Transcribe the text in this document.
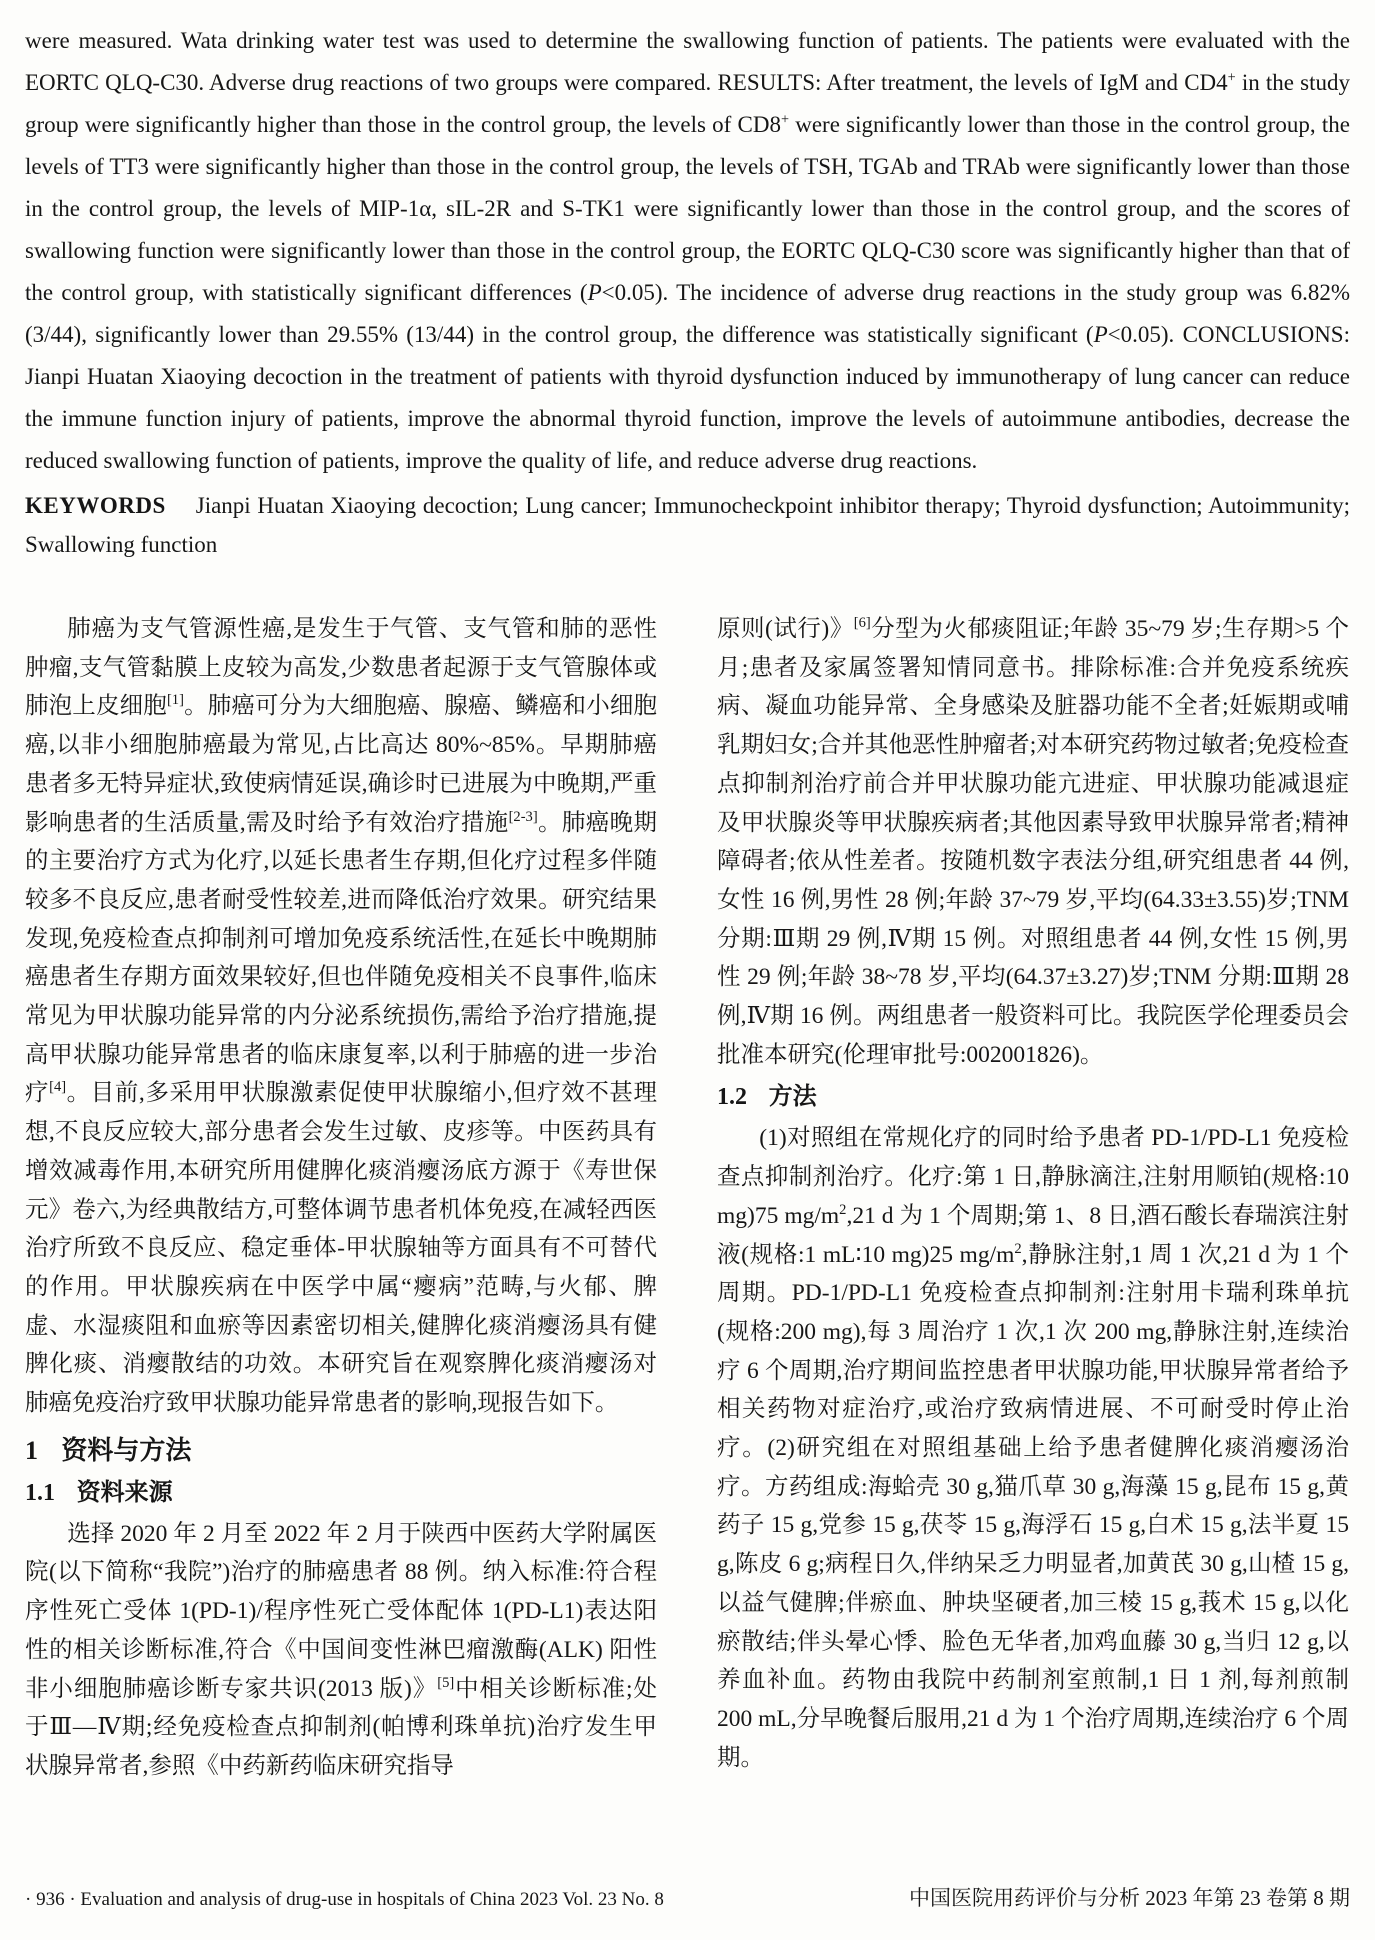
were measured. Wata drinking water test was used to determine the swallowing function of patients. The patients were evaluated with the EORTC QLQ-C30. Adverse drug reactions of two groups were compared. RESULTS: After treatment, the levels of IgM and CD4+ in the study group were significantly higher than those in the control group, the levels of CD8+ were significantly lower than those in the control group, the levels of TT3 were significantly higher than those in the control group, the levels of TSH, TGAb and TRAb were significantly lower than those in the control group, the levels of MIP-1α, sIL-2R and S-TK1 were significantly lower than those in the control group, and the scores of swallowing function were significantly lower than those in the control group, the EORTC QLQ-C30 score was significantly higher than that of the control group, with statistically significant differences (P<0.05). The incidence of adverse drug reactions in the study group was 6.82% (3/44), significantly lower than 29.55% (13/44) in the control group, the difference was statistically significant (P<0.05). CONCLUSIONS: Jianpi Huatan Xiaoying decoction in the treatment of patients with thyroid dysfunction induced by immunotherapy of lung cancer can reduce the immune function injury of patients, improve the abnormal thyroid function, improve the levels of autoimmune antibodies, decrease the reduced swallowing function of patients, improve the quality of life, and reduce adverse drug reactions.
KEYWORDS Jianpi Huatan Xiaoying decoction; Lung cancer; Immunocheckpoint inhibitor therapy; Thyroid dysfunction; Autoimmunity; Swallowing function

肺癌为支气管源性癌,是发生于气管、支气管和肺的恶性肿瘤,支气管黏膜上皮较为高发,少数患者起源于支气管腺体或肺泡上皮细胞[1]。肺癌可分为大细胞癌、腺癌、鳞癌和小细胞癌,以非小细胞肺癌最为常见,占比高达 80%~85%。早期肺癌患者多无特异症状,致使病情延误,确诊时已进展为中晚期,严重影响患者的生活质量,需及时给予有效治疗措施[2-3]。肺癌晚期的主要治疗方式为化疗,以延长患者生存期,但化疗过程多伴随较多不良反应,患者耐受性较差,进而降低治疗效果。研究结果发现,免疫检查点抑制剂可增加免疫系统活性,在延长中晚期肺癌患者生存期方面效果较好,但也伴随免疫相关不良事件,临床常见为甲状腺功能异常的内分泌系统损伤,需给予治疗措施,提高甲状腺功能异常患者的临床康复率,以利于肺癌的进一步治疗[4]。目前,多采用甲状腺激素促使甲状腺缩小,但疗效不甚理想,不良反应较大,部分患者会发生过敏、皮疹等。中医药具有增效减毒作用,本研究所用健脾化痰消瘿汤底方源于《寿世保元》卷六,为经典散结方,可整体调节患者机体免疫,在减轻西医治疗所致不良反应、稳定垂体-甲状腺轴等方面具有不可替代的作用。甲状腺疾病在中医学中属“瘿病”范畴,与火郁、脾虚、水湿痰阻和血瘀等因素密切相关,健脾化痰消瘿汤具有健脾化痰、消瘿散结的功效。本研究旨在观察脾化痰消瘿汤对肺癌免疫治疗致甲状腺功能异常患者的影响,现报告如下。

1 资料与方法
1.1 资料来源

选择 2020 年 2 月至 2022 年 2 月于陕西中医药大学附属医院(以下简称“我院”)治疗的肺癌患者 88 例。纳入标准:符合程序性死亡受体 1(PD-1)/程序性死亡受体配体 1(PD-L1)表达阳性的相关诊断标准,符合《中国间变性淋巴瘤激酶(ALK) 阳性非小细胞肺癌诊断专家共识(2013 版)》[5]中相关诊断标准;处于Ⅲ—Ⅳ期;经免疫检查点抑制剂(帕博利珠单抗)治疗发生甲状腺异常者,参照《中药新药临床研究指导

原则(试行)》[6]分型为火郁痰阻证;年龄 35~79 岁;生存期>5 个月;患者及家属签署知情同意书。排除标准:合并免疫系统疾病、凝血功能异常、全身感染及脏器功能不全者;妊娠期或哺乳期妇女;合并其他恶性肿瘤者;对本研究药物过敏者;免疫检查点抑制剂治疗前合并甲状腺功能亢进症、甲状腺功能减退症及甲状腺炎等甲状腺疾病者;其他因素导致甲状腺异常者;精神障碍者;依从性差者。按随机数字表法分组,研究组患者 44 例,女性 16 例,男性 28 例;年龄 37~79 岁,平均(64.33±3.55)岁;TNM 分期:Ⅲ期 29 例,Ⅳ期 15 例。对照组患者 44 例,女性 15 例,男性 29 例;年龄 38~78 岁,平均(64.37±3.27)岁;TNM 分期:Ⅲ期 28 例,Ⅳ期 16 例。两组患者一般资料可比。我院医学伦理委员会批准本研究(伦理审批号:002001826)。

1.2 方法

(1)对照组在常规化疗的同时给予患者 PD-1/PD-L1 免疫检查点抑制剂治疗。化疗:第 1 日,静脉滴注,注射用顺铂(规格:10 mg)75 $mg/m^2,21$ d 为 1 个周期;第 1、8 日,酒石酸长春瑞滨注射液(规格:1 mL∶10 mg)25 $mg/m^2$,静脉注射,1 周 1 次,21 d 为 1 个周期。PD-1/PD-L1 免疫检查点抑制剂:注射用卡瑞利珠单抗(规格:200 mg),每 3 周治疗 1 次,1 次 200 mg,静脉注射,连续治疗 6 个周期,治疗期间监控患者甲状腺功能,甲状腺异常者给予相关药物对症治疗,或治疗致病情进展、不可耐受时停止治疗。(2)研究组在对照组基础上给予患者健脾化痰消瘿汤治疗。方药组成:海蛤壳 30 g,猫爪草 30 g,海藻 15 g,昆布 15 g,黄药子 15 g,党参 15 g,茯苓 15 g,海浮石 15 g,白术 15 g,法半夏 15 g,陈皮 6 g;病程日久,伴纳呆乏力明显者,加黄芪 30 g,山楂 15 g,以益气健脾;伴瘀血、肿块坚硬者,加三棱 15 g,莪术 15 g,以化瘀散结;伴头晕心悸、脸色无华者,加鸡血藤 30 g,当归 12 g,以养血补血。药物由我院中药制剂室煎制,1 日 1 剂,每剂煎制 200 mL,分早晚餐后服用,21 d 为 1 个治疗周期,连续治疗 6 个周期。

· 936 · Evaluation and analysis of drug-use in hospitals of China 2023 Vol. 23 No. 8	中国医院用药评价与分析 2023 年第 23 卷第 8 期
